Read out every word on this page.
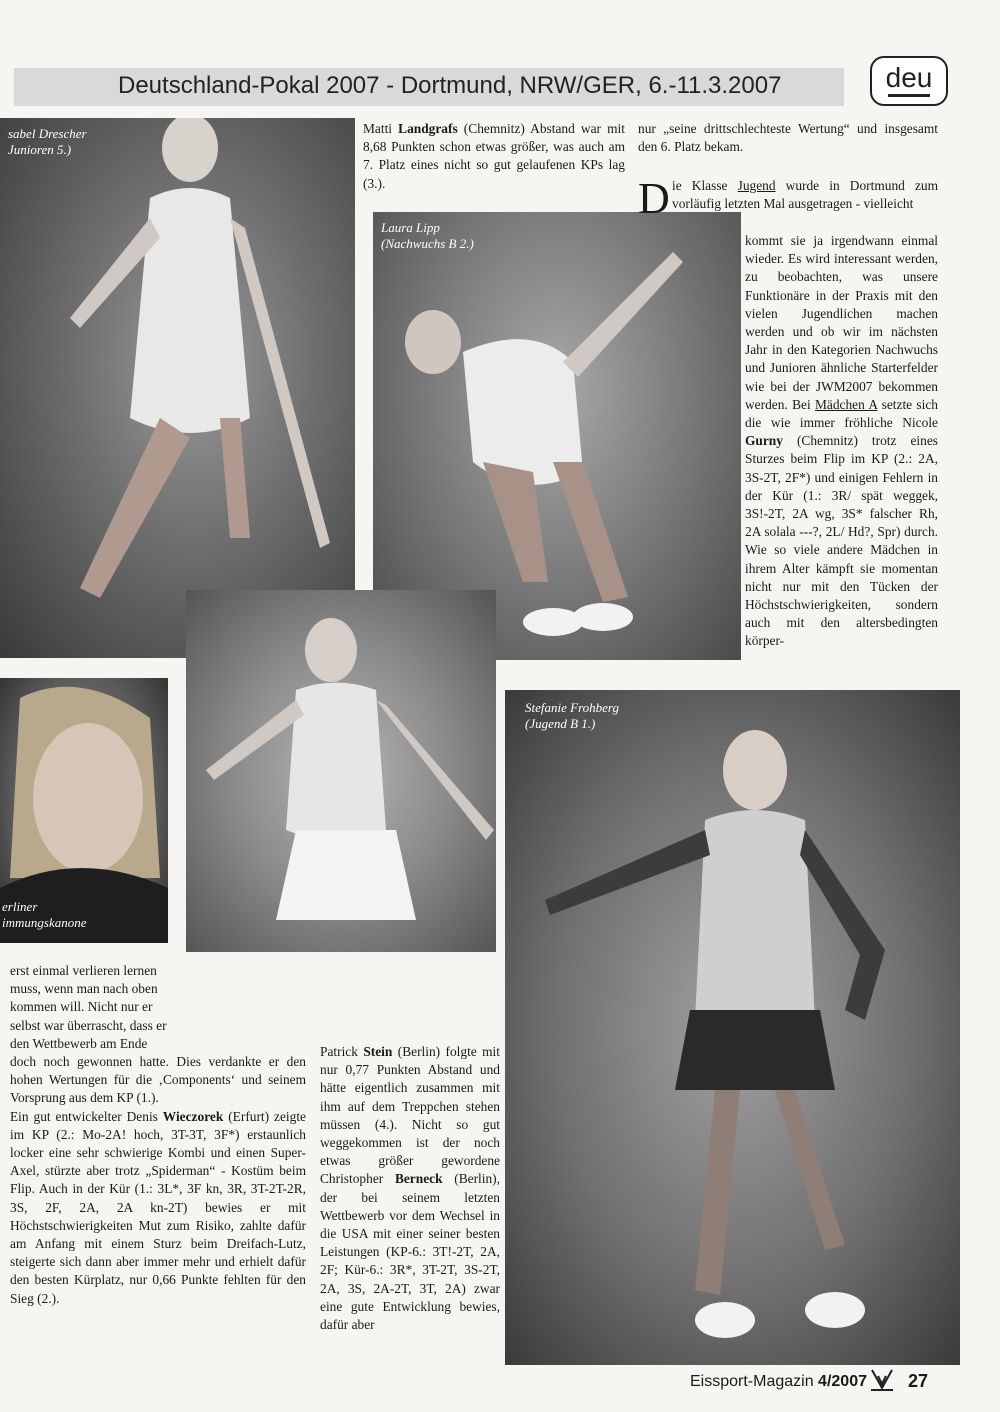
Deutschland-Pokal 2007 - Dortmund, NRW/GER, 6.-11.3.2007	deu
sabel Drescher
Junioren 5.)
Laura Lipp
(Nachwuchs B 2.)
erliner
immungskanone
Stefanie Frohberg
(Jugend B 1.)

Matti Landgrafs (Chemnitz) Abstand war mit 8,68 Punkten schon etwas größer, was auch am 7. Platz eines nicht so gut gelaufenen KPs lag (3.).

nur „seine drittschlechteste Wertung“ und insgesamt den 6. Platz bekam.

D ie Klasse Jugend wurde in Dortmund zum vorläufig letzten Mal ausgetragen - vielleicht

kommt sie ja irgendwann einmal wieder. Es wird interessant werden, zu beobachten, was unsere Funktionäre in der Praxis mit den vielen Jugendlichen machen werden und ob wir im nächsten Jahr in den Kategorien Nachwuchs und Junioren ähnliche Starterfelder wie bei der JWM2007 bekommen werden. Bei Mädchen A setzte sich die wie immer fröhliche Nicole Gurny (Chemnitz) trotz eines Sturzes beim Flip im KP (2.: 2A, 3S-2T, 2F*) und einigen Fehlern in der Kür (1.: 3R/ spät weggek, 3S!-2T, 2A wg, 3S* falscher Rh, 2A solala ---?, 2L/ Hd?, Spr) durch. Wie so viele andere Mädchen in ihrem Alter kämpft sie momentan nicht nur mit den Tücken der Höchstschwierigkeiten, sondern auch mit den altersbedingten körper-

erst einmal verlieren lernen muss, wenn man nach oben kommen will. Nicht nur er selbst war überrascht, dass er den Wettbewerb am Ende

doch noch gewonnen hatte. Dies verdankte er den hohen Wertungen für die ‚Components‘ und seinem Vorsprung aus dem KP (1.).

Ein gut entwickelter Denis Wieczorek (Erfurt) zeigte im KP (2.: Mo-2A! hoch, 3T-3T, 3F*) erstaunlich locker eine sehr schwierige Kombi und einen Super-Axel, stürzte aber trotz „Spiderman“ - Kostüm beim Flip. Auch in der Kür (1.: 3L*, 3F kn, 3R, 3T-2T-2R, 3S, 2F, 2A, 2A kn-2T) bewies er mit Höchstschwierigkeiten Mut zum Risiko, zahlte dafür am Anfang mit einem Sturz beim Dreifach-Lutz, steigerte sich dann aber immer mehr und erhielt dafür den besten Kürplatz, nur 0,66 Punkte fehlten für den Sieg (2.).

Patrick Stein (Berlin) folgte mit nur 0,77 Punkten Abstand und hätte eigentlich zusammen mit ihm auf dem Treppchen stehen müssen (4.). Nicht so gut weggekommen ist der noch etwas größer gewordene Christopher Berneck (Berlin), der bei seinem letzten Wettbewerb vor dem Wechsel in die USA mit einer seiner besten Leistungen (KP-6.: 3T!-2T, 2A, 2F; Kür-6.: 3R*, 3T-2T, 3S-2T, 2A, 3S, 2A-2T, 3T, 2A) zwar eine gute Entwicklung bewies, dafür aber

Eissport-Magazin 4/2007 27
